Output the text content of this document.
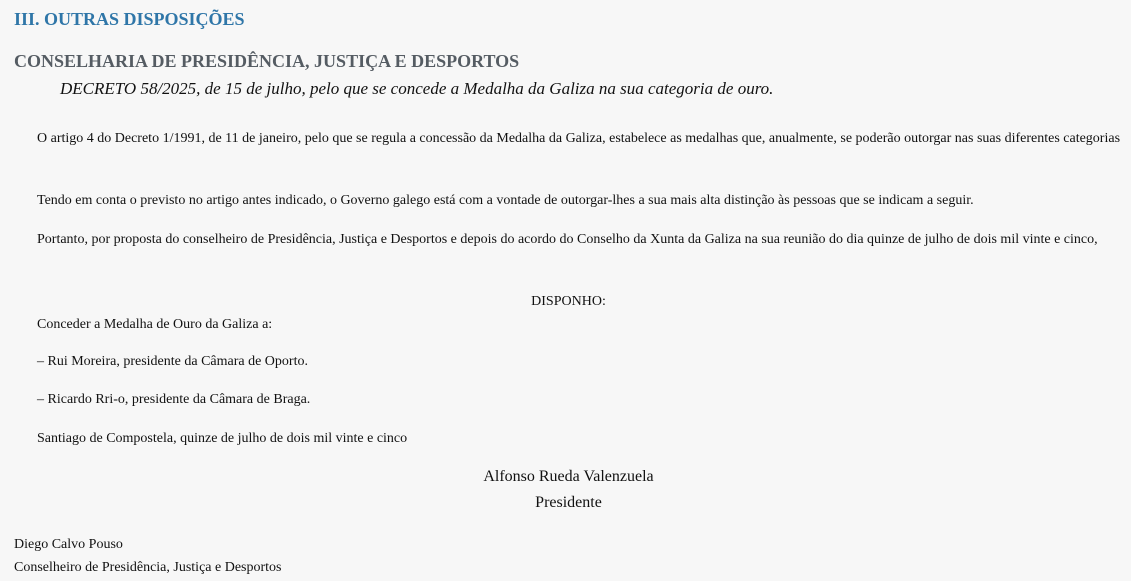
III. OUTRAS DISPOSIÇÕES
CONSELHARIA DE PRESIDÊNCIA, JUSTIÇA E DESPORTOS

DECRETO 58/2025, de 15 de julho, pelo que se concede a Medalha da Galiza na sua categoria de ouro.

O artigo 4 do Decreto 1/1991, de 11 de janeiro, pelo que se regula a concessão da Medalha da Galiza, estabelece as medalhas que, anualmente, se poderão outorgar nas suas diferentes categorias

Tendo em conta o previsto no artigo antes indicado, o Governo galego está com a vontade de outorgar-lhes a sua mais alta distinção às pessoas que se indicam a seguir.

Portanto, por proposta do conselheiro de Presidência, Justiça e Desportos e depois do acordo do Conselho da Xunta da Galiza na sua reunião do dia quinze de julho de dois mil vinte e cinco,

DISPONHO:

Conceder a Medalha de Ouro da Galiza a:

– Rui Moreira, presidente da Câmara de Oporto.

– Ricardo Rri-o, presidente da Câmara de Braga.

Santiago de Compostela, quinze de julho de dois mil vinte e cinco

Alfonso Rueda Valenzuela

Presidente

Diego Calvo Pouso

Conselheiro de Presidência, Justiça e Desportos
